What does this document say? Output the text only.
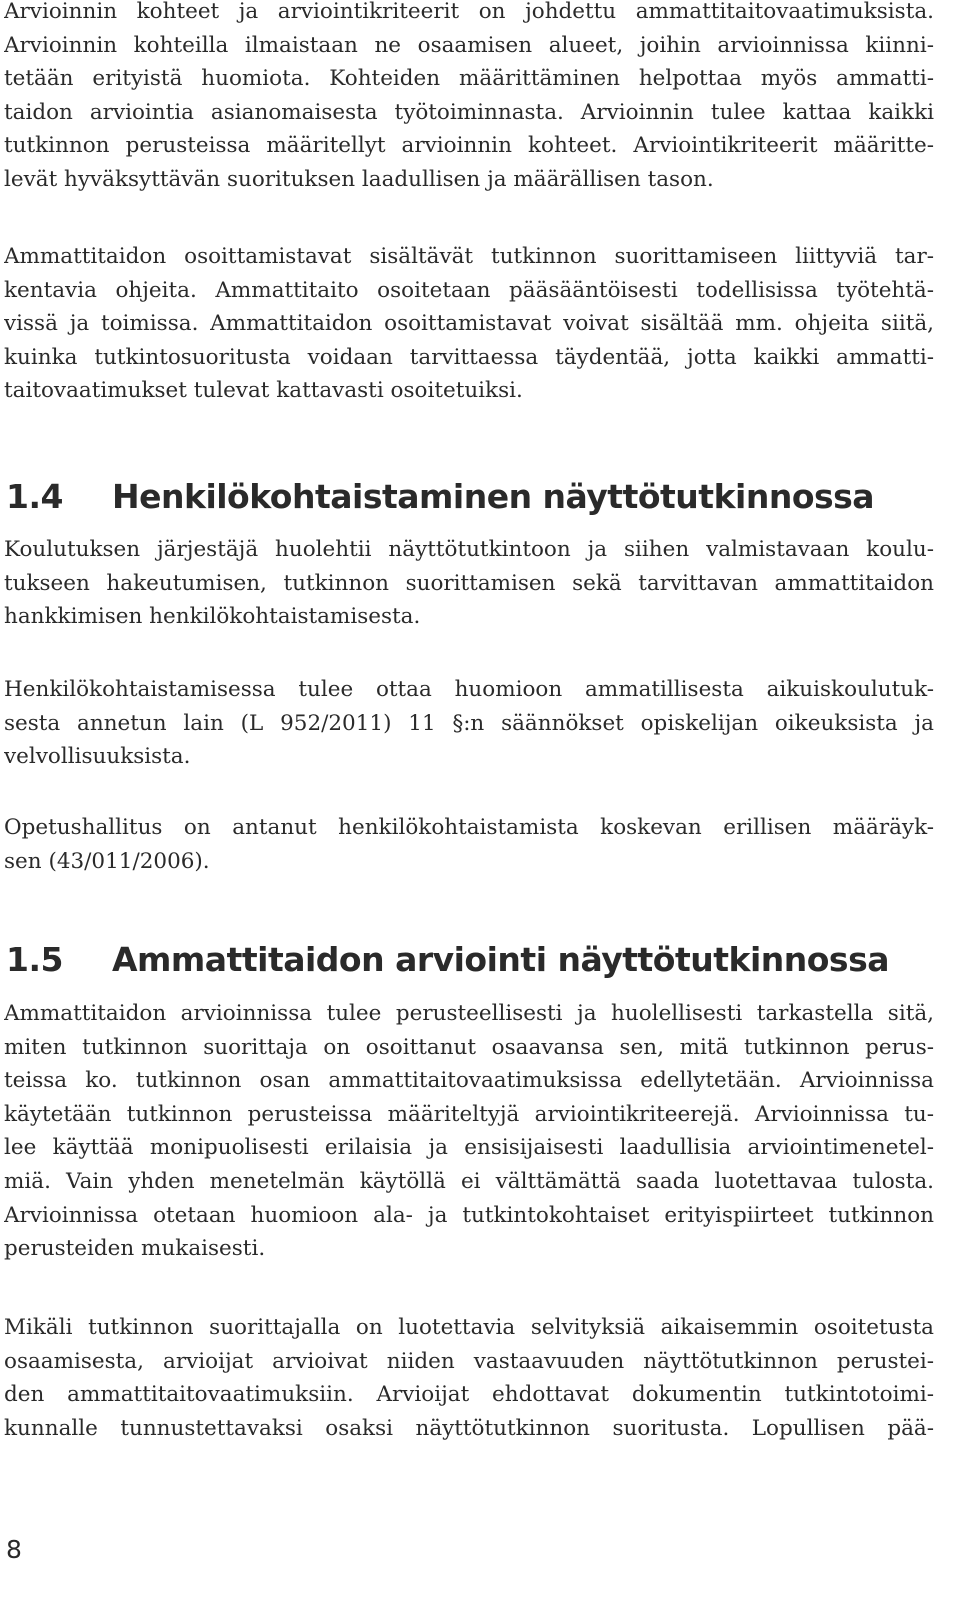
Arvioinnin kohteet ja arviointikriteerit on johdettu ammattitaitovaatimuksista.
Arvioinnin kohteilla ilmaistaan ne osaamisen alueet, joihin arvioinnissa kiinni-
tetään erityistä huomiota. Kohteiden määrittäminen helpottaa myös ammatti-
taidon arviointia asianomaisesta työtoiminnasta. Arvioinnin tulee kattaa kaikki
tutkinnon perusteissa määritellyt arvioinnin kohteet. Arviointikriteerit määritte-
levät hyväksyttävän suorituksen laadullisen ja määrällisen tason.
Ammattitaidon osoittamistavat sisältävät tutkinnon suorittamiseen liittyviä tar-
kentavia ohjeita. Ammattitaito osoitetaan pääsääntöisesti todellisissa työtehtä-
vissä ja toimissa. Ammattitaidon osoittamistavat voivat sisältää mm. ohjeita siitä,
kuinka tutkintosuoritusta voidaan tarvittaessa täydentää, jotta kaikki ammatti-
taitovaatimukset tulevat kattavasti osoitetuiksi.
1.4 Henkilökohtaistaminen näyttötutkinnossa
Koulutuksen järjestäjä huolehtii näyttötutkintoon ja siihen valmistavaan koulu-
tukseen hakeutumisen, tutkinnon suorittamisen sekä tarvittavan ammattitaidon
hankkimisen henkilökohtaistamisesta.
Henkilökohtaistamisessa tulee ottaa huomioon ammatillisesta aikuiskoulutuk-
sesta annetun lain (L 952/2011) 11 §:n säännökset opiskelijan oikeuksista ja
velvollisuuksista.
Opetushallitus on antanut henkilökohtaistamista koskevan erillisen määräyk-
sen (43/011/2006).
1.5 Ammattitaidon arviointi näyttötutkinnossa
Ammattitaidon arvioinnissa tulee perusteellisesti ja huolellisesti tarkastella sitä,
miten tutkinnon suorittaja on osoittanut osaavansa sen, mitä tutkinnon perus-
teissa ko. tutkinnon osan ammattitaitovaatimuksissa edellytetään. Arvioinnissa
käytetään tutkinnon perusteissa määriteltyjä arviointikriteerejä. Arvioinnissa tu-
lee käyttää monipuolisesti erilaisia ja ensisijaisesti laadullisia arviointimenetel-
miä. Vain yhden menetelmän käytöllä ei välttämättä saada luotettavaa tulosta.
Arvioinnissa otetaan huomioon ala- ja tutkintokohtaiset erityispiirteet tutkinnon
perusteiden mukaisesti.
Mikäli tutkinnon suorittajalla on luotettavia selvityksiä aikaisemmin osoitetusta
osaamisesta, arvioijat arvioivat niiden vastaavuuden näyttötutkinnon perustei-
den ammattitaitovaatimuksiin. Arvioijat ehdottavat dokumentin tutkintotoimi-
kunnalle tunnustettavaksi osaksi näyttötutkinnon suoritusta. Lopullisen pää-
8
